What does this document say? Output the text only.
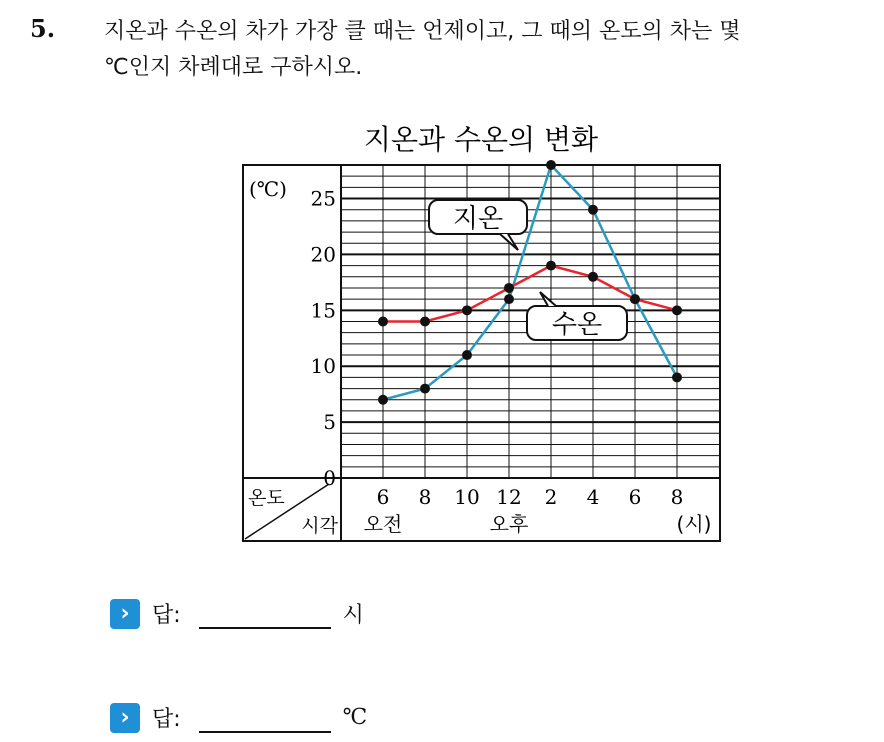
5. 지온과 수온의 차가 가장 클 때는 언제이고, 그 때의 온도의 차는 몇
℃인지 차례대로 구하시오.
지온과 수온의 변화
(℃)
0
5
10
15
20
25
6 8 10 12 2 4 6 8
오전	오후	(시)
온도
시각
지온
수온
›	답:	시
›	답:	℃
